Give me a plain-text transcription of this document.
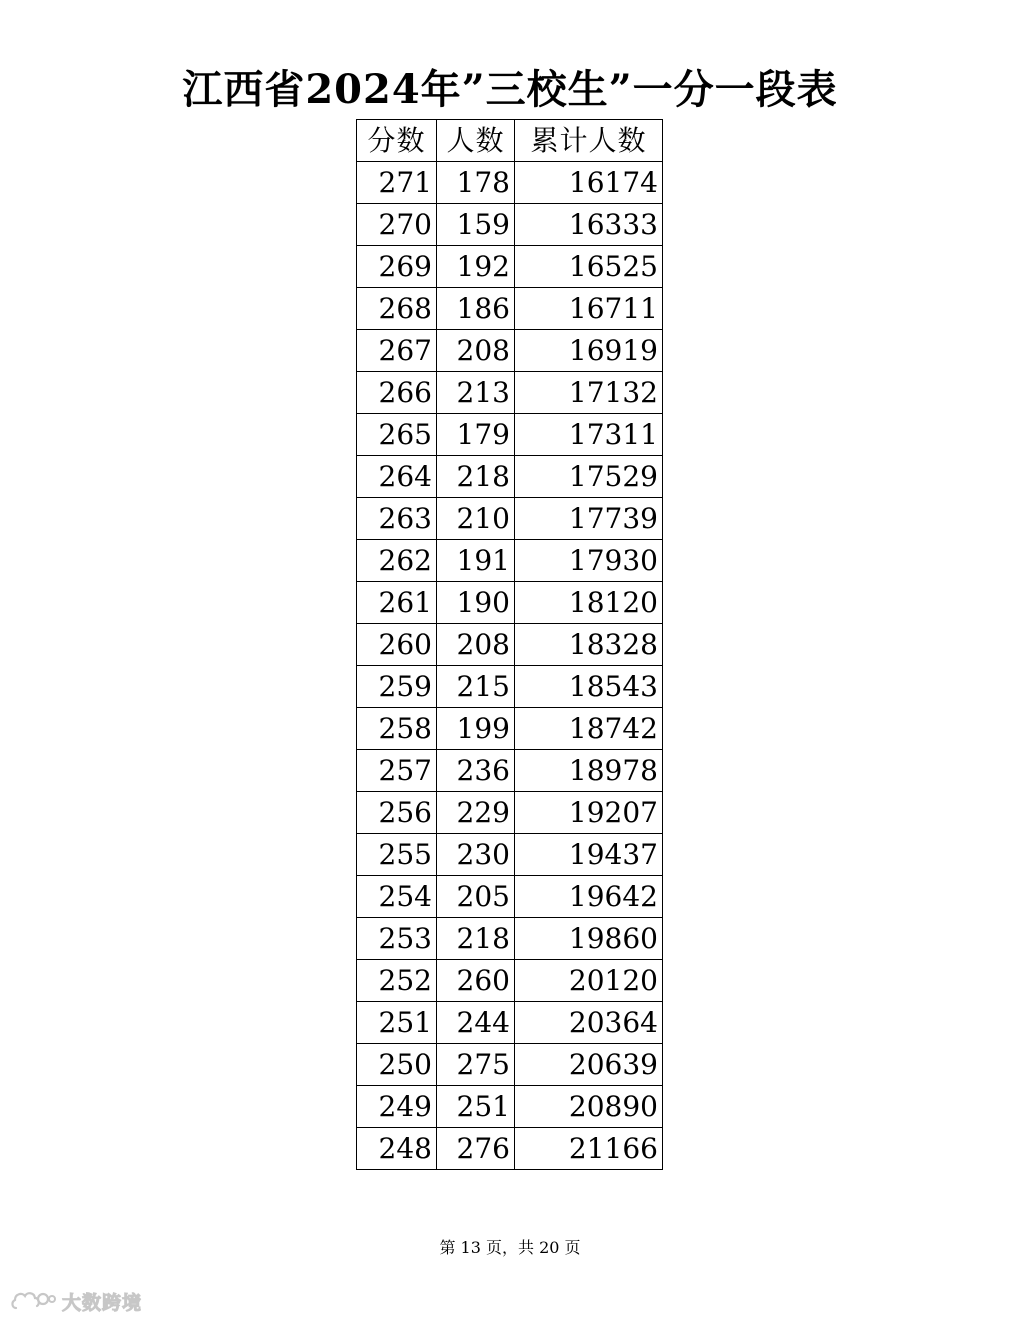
江西省2024年”三校生”一分一段表
分数	人数	累计人数
271	178	16174
270	159	16333
269	192	16525
268	186	16711
267	208	16919
266	213	17132
265	179	17311
264	218	17529
263	210	17739
262	191	17930
261	190	18120
260	208	18328
259	215	18543
258	199	18742
257	236	18978
256	229	19207
255	230	19437
254	205	19642
253	218	19860
252	260	20120
251	244	20364
250	275	20639
249	251	20890
248	276	21166
第 13 页，共 20 页
大数跨境
